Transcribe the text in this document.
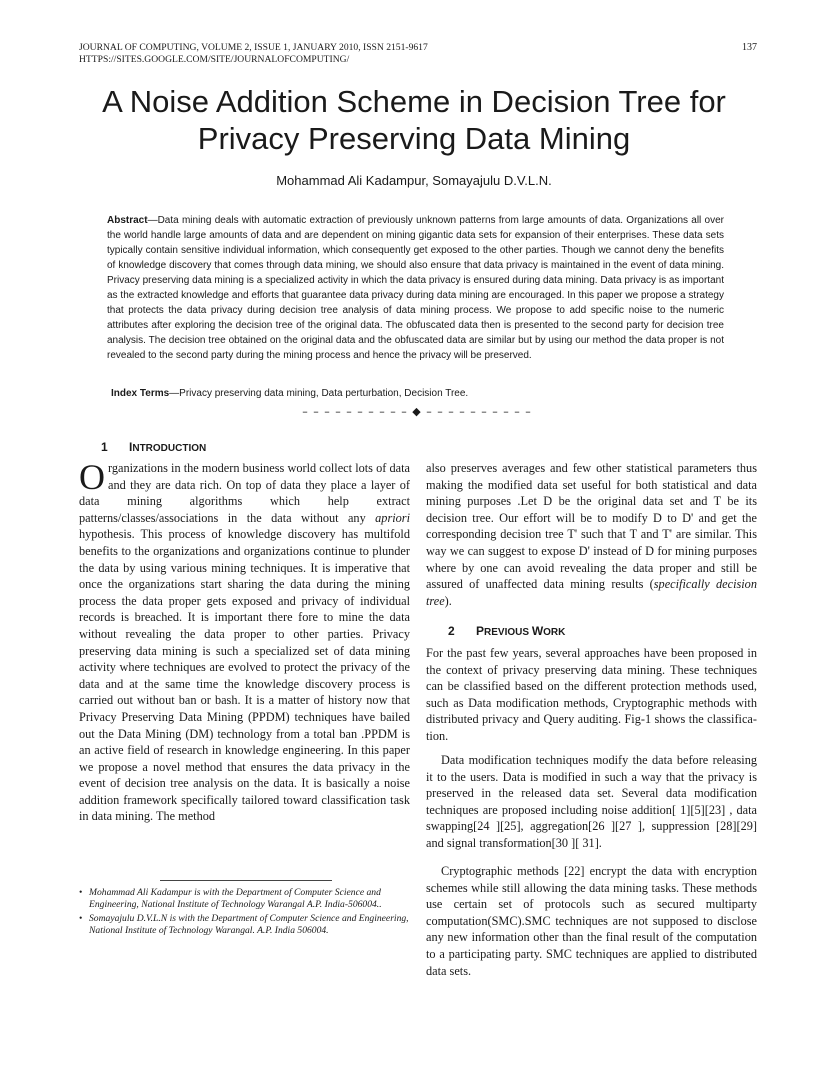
JOURNAL OF COMPUTING, VOLUME 2, ISSUE 1, JANUARY 2010, ISSN 2151-9617
HTTPS://SITES.GOOGLE.COM/SITE/JOURNALOFCOMPUTING/
137
A Noise Addition Scheme in Decision Tree for
Privacy Preserving Data Mining
Mohammad Ali Kadampur, Somayajulu D.V.L.N.

Abstract—Data mining deals with automatic extraction of previously unknown patterns from large amounts of data. Organizations all over the world handle large amounts of data and are dependent on mining gigantic data sets for expansion of their enterprises. These data sets typically contain sensitive individual information, which consequently get exposed to the other parties. Though we cannot deny the benefits of knowledge discovery that comes through data mining, we should also ensure that data privacy is maintained in the event of data mining. Privacy preserving data mining is a specialized activity in which the data privacy is ensured during data mining. Data privacy is as important as the extracted knowledge and efforts that guarantee data privacy during data mining are encouraged. In this paper we propose a strategy that protects the data privacy during decision tree analysis of data mining process. We propose to add specific noise to the numeric attributes after exploring the decision tree of the original data. The obfuscated data then is presented to the second party for decision tree analysis. The decision tree obtained on the original data and the obfuscated data are similar but by using our method the data proper is not revealed to the second party during the mining process and hence the privacy will be preserved.

Index Terms—Privacy preserving data mining, Data perturbation, Decision Tree.
– – – – – – – – – – ◆ – – – – – – – – – –
1 INTRODUCTION

Organizations in the modern business world collect lots of data and they are data rich. On top of data they place a layer of data mining algorithms which help extract patterns/classes/associations in the data without any apriori hypothesis. This process of knowledge discovery has multifold benefits to the organizations and organizations continue to plunder the data by using various mining techniques. It is imperative that once the organizations start sharing the data during the mining process the data proper gets exposed and privacy of individual records is breached. It is important there fore to mine the data without revealing the data proper to other parties. Privacy preserving data mining is such a specialized set of data mining activity where techniques are evolved to protect the privacy of the data and at the same time the knowledge discovery process is carried out without ban or bash. It is a matter of history now that Privacy Preserving Data Mining (PPDM) techniques have bailed out the Data Mining (DM) technology from a total ban .PPDM is an active field of research in knowledge engineering. In this paper we propose a novel method that ensures the data privacy in the event of decision tree analysis on the data. It is basically a noise addition framework specifically tailored toward classification task in data mining. The method

also preserves averages and few other statistical parameters thus making the modified data set useful for both statistical and data mining purposes .Let D be the original data set and T be its decision tree. Our effort will be to modify D to D' and get the corresponding decision tree T' such that T and T' are similar. This way we can suggest to expose D' instead of D for mining purposes where by one can avoid revealing the data proper and still be assured of unaffected data mining results (specifically decision tree).

2 PREVIOUS WORK

For the past few years, several approaches have been proposed in the context of privacy preserving data mining. These techniques can be classified based on the different protection methods used, such as Data modification methods, Cryptographic methods with distributed privacy and Query auditing. Fig-1 shows the classification.

Data modification techniques modify the data before releasing it to the users. Data is modified in such a way that the privacy is preserved in the released data set. Several data modification techniques are proposed including noise addition[ 1][5][23] , data swapping[24 ][25], aggregation[26 ][27 ], suppression [28][29] and signal transformation[30 ][ 31].

Cryptographic methods [22] encrypt the data with encryption schemes while still allowing the data mining tasks. These methods use certain set of protocols such as secured multiparty computation(SMC).SMC techniques are not supposed to disclose any new information other than the final result of the computation to a participating party. SMC techniques are applied to distributed data sets.

• Mohammad Ali Kadampur is with the Department of Computer Science and Engineering, National Institute of Technology Warangal A.P. India-506004..
• Somayajulu D.V.L.N is with the Department of Computer Science and Engineering, National Institute of Technology Warangal. A.P. India 506004.
